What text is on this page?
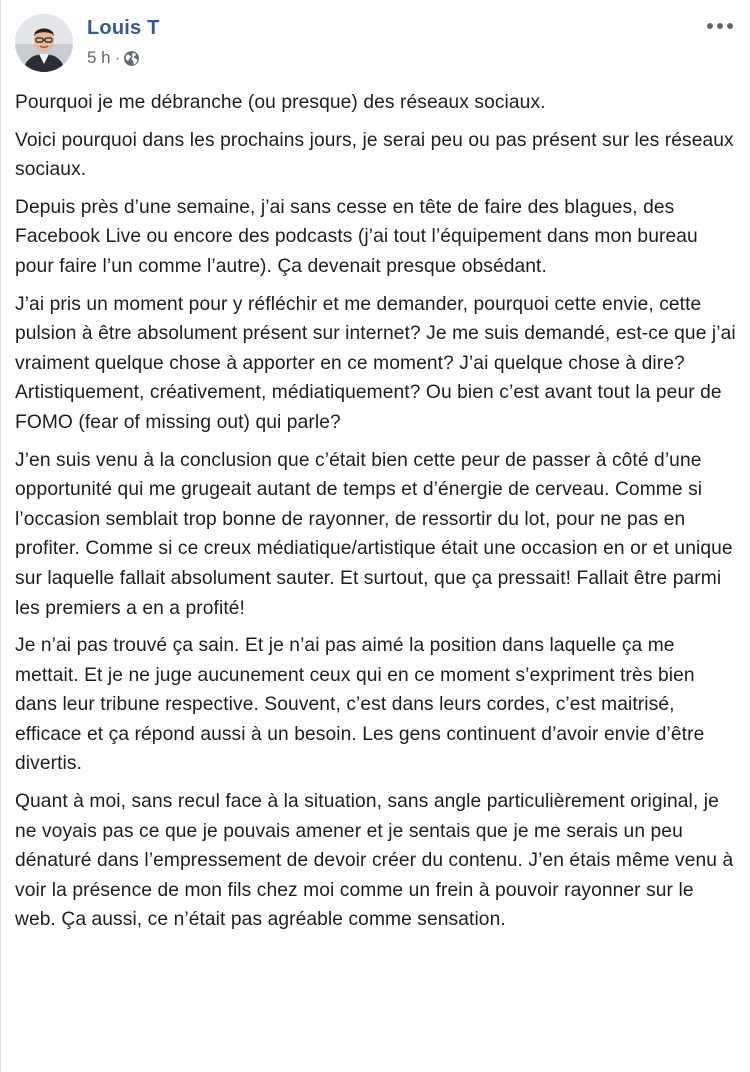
Louis T
5 h ·

Pourquoi je me débranche (ou presque) des réseaux sociaux.

Voici pourquoi dans les prochains jours, je serai peu ou pas présent sur les réseaux sociaux.

Depuis près d’une semaine, j’ai sans cesse en tête de faire des blagues, des Facebook Live ou encore des podcasts (j’ai tout l’équipement dans mon bureau pour faire l’un comme l’autre). Ça devenait presque obsédant.

J’ai pris un moment pour y réfléchir et me demander, pourquoi cette envie, cette pulsion à être absolument présent sur internet? Je me suis demandé, est-ce que j’ai vraiment quelque chose à apporter en ce moment? J’ai quelque chose à dire? Artistiquement, créativement, médiatiquement? Ou bien c’est avant tout la peur de FOMO (fear of missing out) qui parle?

J’en suis venu à la conclusion que c’était bien cette peur de passer à côté d’une opportunité qui me grugeait autant de temps et d’énergie de cerveau. Comme si l’occasion semblait trop bonne de rayonner, de ressortir du lot, pour ne pas en profiter. Comme si ce creux médiatique/artistique était une occasion en or et unique sur laquelle fallait absolument sauter. Et surtout, que ça pressait! Fallait être parmi les premiers a en a profité!

Je n’ai pas trouvé ça sain. Et je n’ai pas aimé la position dans laquelle ça me mettait. Et je ne juge aucunement ceux qui en ce moment s’expriment très bien dans leur tribune respective. Souvent, c’est dans leurs cordes, c’est maitrisé, efficace et ça répond aussi à un besoin. Les gens continuent d’avoir envie d’être divertis.

Quant à moi, sans recul face à la situation, sans angle particulièrement original, je ne voyais pas ce que je pouvais amener et je sentais que je me serais un peu dénaturé dans l’empressement de devoir créer du contenu. J’en étais même venu à voir la présence de mon fils chez moi comme un frein à pouvoir rayonner sur le web. Ça aussi, ce n’était pas agréable comme sensation.
